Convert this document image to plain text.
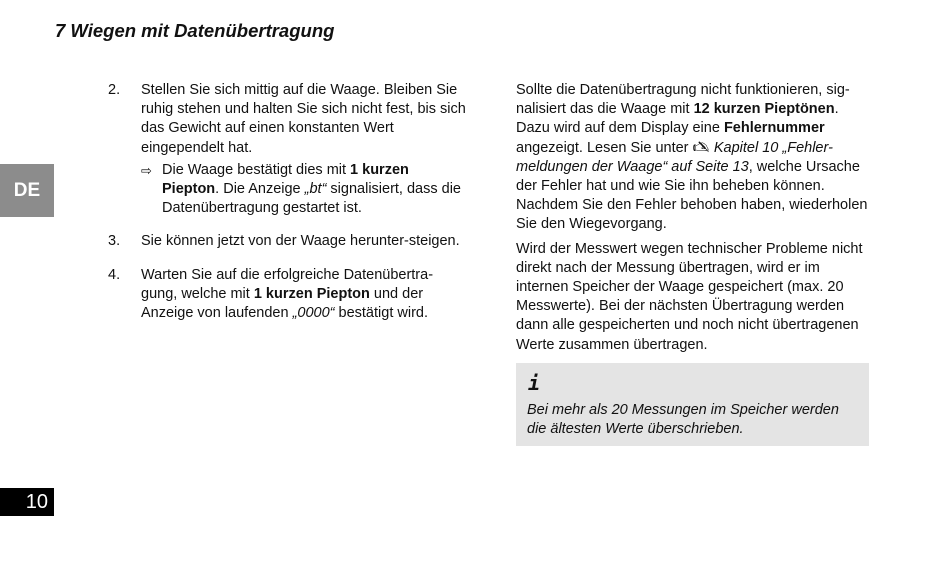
7 Wiegen mit Datenübertragung
DE
10
2. Stellen Sie sich mittig auf die Waage. Bleiben Sie ruhig stehen und halten Sie sich nicht fest, bis sich das Gewicht auf einen konstanten Wert eingependelt hat.
⇨ Die Waage bestätigt dies mit 1 kurzen Piepton. Die Anzeige „bt“ signalisiert, dass die Datenübertragung gestartet ist.
3. Sie können jetzt von der Waage herunter-steigen.
4. Warten Sie auf die erfolgreiche Datenübertra-gung, welche mit 1 kurzen Piepton und der Anzeige von laufenden „0000“ bestätigt wird.

Sollte die Datenübertragung nicht funktionieren, sig-nalisiert das die Waage mit 12 kurzen Pieptönen. Dazu wird auf dem Display eine Fehlernummer angezeigt. Lesen Sie unter 🖎 Kapitel 10 „Fehler-meldungen der Waage“ auf Seite 13, welche Ursache der Fehler hat und wie Sie ihn beheben können. Nachdem Sie den Fehler behoben haben, wiederholen Sie den Wiegevorgang.

Wird der Messwert wegen technischer Probleme nicht direkt nach der Messung übertragen, wird er im internen Speicher der Waage gespeichert (max. 20 Messwerte). Bei der nächsten Übertragung werden dann alle gespeicherten und noch nicht übertragenen Werte zusammen übertragen.

i
Bei mehr als 20 Messungen im Speicher werden die ältesten Werte überschrieben.
